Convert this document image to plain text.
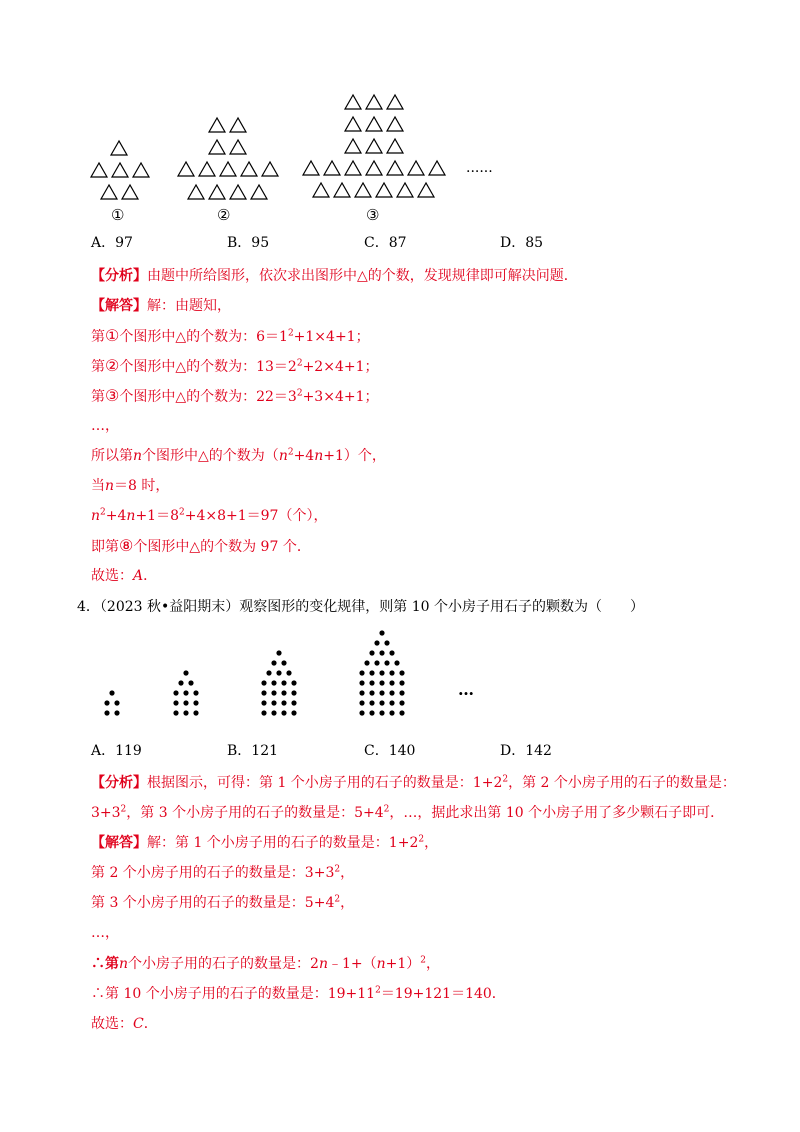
①	②	③
......
A．97	B．95	C．87	D．85
【分析】由题中所给图形，依次求出图形中△的个数，发现规律即可解决问题．
【解答】解：由题知，
第①个图形中△的个数为：$6=1^2+1\times 4+1$；
第②个图形中△的个数为：$13=2^2+2\times 4+1$；
第③个图形中△的个数为：$22=3^2+3\times 4+1$；
…，
所以第n个图形中△的个数为$(n^2+4n+1)$个，
当n＝8 时，
$n^2+4n+1=8^2+4\times 8+1=97$（个），
即第⑧个图形中△的个数为 97 个．
故选：A．
4．（2023 秋•益阳期末）观察图形的变化规律，则第 10 个小房子用石子的颗数为（　　）
…
A．119	B．121	C．140	D．142
【分析】根据图示，可得：第 1 个小房子用的石子的数量是：$1+2^2$，第 2 个小房子用的石子的数量是：
$3+3^2$，第 3 个小房子用的石子的数量是：$5+4^2$，…，据此求出第 10 个小房子用了多少颗石子即可．
【解答】解：第 1 个小房子用的石子的数量是：$1+2^2$，
第 2 个小房子用的石子的数量是：$3+3^2$，
第 3 个小房子用的石子的数量是：$5+4^2$，
…，
∴第n个小房子用的石子的数量是：$2n﹣1+(n+1)^2$，
∴第 10 个小房子用的石子的数量是：$19+11^2=19+121=140$．
故选：C．
